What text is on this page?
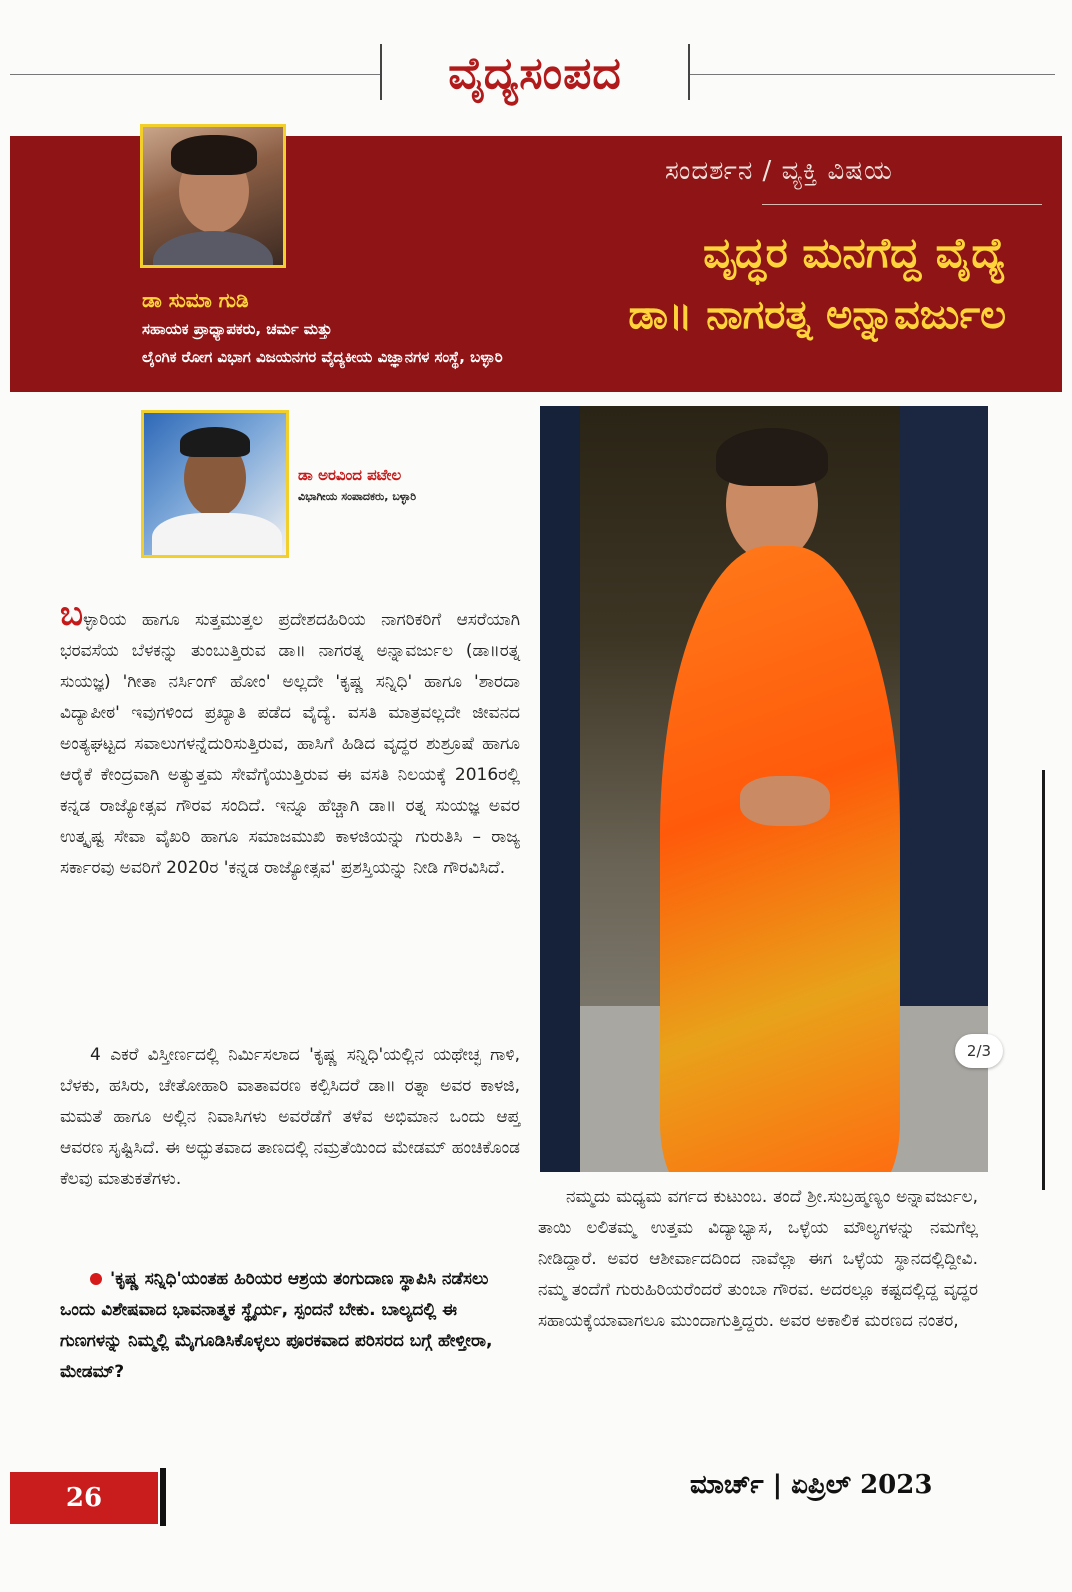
ವೈದ್ಯಸಂಪದ
ಡಾ ಸುಮಾ ಗುಡಿ
ಸಹಾಯಕ ಪ್ರಾಧ್ಯಾಪಕರು, ಚರ್ಮ ಮತ್ತು
ಲೈಂಗಿಕ ರೋಗ ವಿಭಾಗ ವಿಜಯನಗರ ವೈದ್ಯಕೀಯ ವಿಜ್ಞಾನಗಳ ಸಂಸ್ಥೆ, ಬಳ್ಳಾರಿ
ಸಂದರ್ಶನ / ವ್ಯಕ್ತಿ ವಿಷಯ
ವೃದ್ಧರ ಮನಗೆದ್ದ ವೈದ್ಯೆ
ಡಾ॥ ನಾಗರತ್ನ ಅನ್ನಾವರ್ಜುಲ
ಡಾ ಅರವಿಂದ ಪಟೇಲ
ವಿಭಾಗೀಯ ಸಂಪಾದಕರು, ಬಳ್ಳಾರಿ

ಬಳ್ಳಾರಿಯ ಹಾಗೂ ಸುತ್ತಮುತ್ತಲ ಪ್ರದೇಶದಹಿರಿಯ ನಾಗರಿಕರಿಗೆ ಆಸರೆಯಾಗಿ ಭರವಸೆಯ ಬೆಳಕನ್ನು ತುಂಬುತ್ತಿರುವ ಡಾ॥ ನಾಗರತ್ನ ಅನ್ನಾವರ್ಜುಲ (ಡಾ॥ರತ್ನ ಸುಯಜ್ಞ) 'ಗೀತಾ ನರ್ಸಿಂಗ್ ಹೋಂ' ಅಲ್ಲದೇ 'ಕೃಷ್ಣ ಸನ್ನಿಧಿ' ಹಾಗೂ 'ಶಾರದಾ ವಿದ್ಯಾಪೀಠ' ಇವುಗಳಿಂದ ಪ್ರಖ್ಯಾತಿ ಪಡೆದ ವೈದ್ಯೆ. ವಸತಿ ಮಾತ್ರವಲ್ಲದೇ ಜೀವನದ ಅಂತ್ಯಘಟ್ಟದ ಸವಾಲುಗಳನ್ನೆದುರಿಸುತ್ತಿರುವ, ಹಾಸಿಗೆ ಹಿಡಿದ ವೃದ್ಧರ ಶುಶ್ರೂಷೆ ಹಾಗೂ ಆರೈಕೆ ಕೇಂದ್ರವಾಗಿ ಅತ್ಯುತ್ತಮ ಸೇವೆಗೈಯುತ್ತಿರುವ ಈ ವಸತಿ ನಿಲಯಕ್ಕೆ 2016ರಲ್ಲಿ ಕನ್ನಡ ರಾಜ್ಯೋತ್ಸವ ಗೌರವ ಸಂದಿದೆ. ಇನ್ನೂ ಹೆಚ್ಚಾಗಿ ಡಾ॥ ರತ್ನ ಸುಯಜ್ಞ ಅವರ ಉತ್ಕೃಷ್ಟ ಸೇವಾ ವೈಖರಿ ಹಾಗೂ ಸಮಾಜಮುಖಿ ಕಾಳಜಿಯನ್ನು ಗುರುತಿಸಿ – ರಾಜ್ಯ ಸರ್ಕಾರವು ಅವರಿಗೆ 2020ರ 'ಕನ್ನಡ ರಾಜ್ಯೋತ್ಸವ' ಪ್ರಶಸ್ತಿಯನ್ನು ನೀಡಿ ಗೌರವಿಸಿದೆ.

4 ಎಕರೆ ವಿಸ್ತೀರ್ಣದಲ್ಲಿ ನಿರ್ಮಿಸಲಾದ 'ಕೃಷ್ಣ ಸನ್ನಿಧಿ'ಯಲ್ಲಿನ ಯಥೇಚ್ಛ ಗಾಳಿ, ಬೆಳಕು, ಹಸಿರು, ಚೇತೋಹಾರಿ ವಾತಾವರಣ ಕಲ್ಪಿಸಿದರೆ ಡಾ॥ ರತ್ನಾ ಅವರ ಕಾಳಜಿ, ಮಮತೆ ಹಾಗೂ ಅಲ್ಲಿನ ನಿವಾಸಿಗಳು ಅವರೆಡೆಗೆ ತಳೆವ ಅಭಿಮಾನ ಒಂದು ಆಪ್ತ ಆವರಣ ಸೃಷ್ಟಿಸಿದೆ. ಈ ಅದ್ಭುತವಾದ ತಾಣದಲ್ಲಿ ನಮ್ರತೆಯಿಂದ ಮೇಡಮ್ ಹಂಚಿಕೊಂಡ ಕೆಲವು ಮಾತುಕತೆಗಳು.

'ಕೃಷ್ಣ ಸನ್ನಿಧಿ'ಯಂತಹ ಹಿರಿಯರ ಆಶ್ರಯ ತಂಗುದಾಣ ಸ್ಥಾಪಿಸಿ ನಡೆಸಲು ಒಂದು ವಿಶೇಷವಾದ ಭಾವನಾತ್ಮಕ ಸ್ಥೈರ್ಯ, ಸ್ಪಂದನೆ ಬೇಕು. ಬಾಲ್ಯದಲ್ಲಿ ಈ ಗುಣಗಳನ್ನು ನಿಮ್ಮಲ್ಲಿ ಮೈಗೂಡಿಸಿಕೊಳ್ಳಲು ಪೂರಕವಾದ ಪರಿಸರದ ಬಗ್ಗೆ ಹೇಳ್ತೀರಾ, ಮೇಡಮ್?

2/3

ನಮ್ಮದು ಮಧ್ಯಮ ವರ್ಗದ ಕುಟುಂಬ. ತಂದೆ ಶ್ರೀ.ಸುಬ್ರಹ್ಮಣ್ಯಂ ಅನ್ನಾವರ್ಜುಲ, ತಾಯಿ ಲಲಿತಮ್ಮ ಉತ್ತಮ ವಿದ್ಯಾಭ್ಯಾಸ, ಒಳ್ಳೆಯ ಮೌಲ್ಯಗಳನ್ನು ನಮಗೆಲ್ಲ ನೀಡಿದ್ದಾರೆ. ಅವರ ಆಶೀರ್ವಾದದಿಂದ ನಾವೆಲ್ಲಾ ಈಗ ಒಳ್ಳೆಯ ಸ್ಥಾನದಲ್ಲಿದ್ದೀವಿ. ನಮ್ಮ ತಂದೆಗೆ ಗುರುಹಿರಿಯರೆಂದರೆ ತುಂಬಾ ಗೌರವ. ಅದರಲ್ಲೂ ಕಷ್ಟದಲ್ಲಿದ್ದ ವೃದ್ಧರ ಸಹಾಯಕ್ಕೆಯಾವಾಗಲೂ ಮುಂದಾಗುತ್ತಿದ್ದರು. ಅವರ ಅಕಾಲಿಕ ಮರಣದ ನಂತರ,

26	ಮಾರ್ಚ್ | ಏಪ್ರಿಲ್ 2023
